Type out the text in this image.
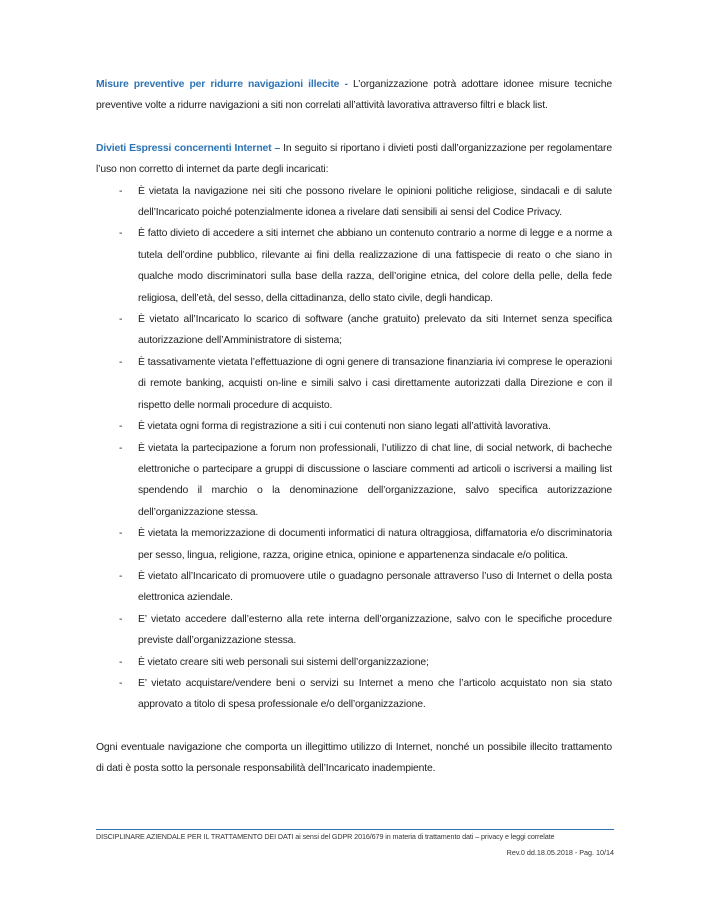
Misure preventive per ridurre navigazioni illecite - L’organizzazione potrà adottare idonee misure tecniche preventive volte a ridurre navigazioni a siti non correlati all’attività lavorativa attraverso filtri e black list.

Divieti Espressi concernenti Internet – In seguito si riportano i divieti posti dall’organizzazione per regolamentare l’uso non corretto di internet da parte degli incaricati:

- È vietata la navigazione nei siti che possono rivelare le opinioni politiche religiose, sindacali e di salute dell’Incaricato poiché potenzialmente idonea a rivelare dati sensibili ai sensi del Codice Privacy.
- È fatto divieto di accedere a siti internet che abbiano un contenuto contrario a norme di legge e a norme a tutela dell’ordine pubblico, rilevante ai fini della realizzazione di una fattispecie di reato o che siano in qualche modo discriminatori sulla base della razza, dell’origine etnica, del colore della pelle, della fede religiosa, dell’età, del sesso, della cittadinanza, dello stato civile, degli handicap.
- È vietato all’Incaricato lo scarico di software (anche gratuito) prelevato da siti Internet senza specifica autorizzazione dell’Amministratore di sistema;
- È tassativamente vietata l’effettuazione di ogni genere di transazione finanziaria ivi comprese le operazioni di remote banking, acquisti on-line e simili salvo i casi direttamente autorizzati dalla Direzione e con il rispetto delle normali procedure di acquisto.
- È vietata ogni forma di registrazione a siti i cui contenuti non siano legati all’attività lavorativa.
- È vietata la partecipazione a forum non professionali, l’utilizzo di chat line, di social network, di bacheche elettroniche o partecipare a gruppi di discussione o lasciare commenti ad articoli o iscriversi a mailing list spendendo il marchio o la denominazione dell’organizzazione, salvo specifica autorizzazione dell’organizzazione stessa.
- È vietata la memorizzazione di documenti informatici di natura oltraggiosa, diffamatoria e/o discriminatoria per sesso, lingua, religione, razza, origine etnica, opinione e appartenenza sindacale e/o politica.
- È vietato all’Incaricato di promuovere utile o guadagno personale attraverso l’uso di Internet o della posta elettronica aziendale.
- E’ vietato accedere dall’esterno alla rete interna dell’organizzazione, salvo con le specifiche procedure previste dall’organizzazione stessa.
- È vietato creare siti web personali sui sistemi dell’organizzazione;
- E’ vietato acquistare/vendere beni o servizi su Internet a meno che l’articolo acquistato non sia stato approvato a titolo di spesa professionale e/o dell’organizzazione.

Ogni eventuale navigazione che comporta un illegittimo utilizzo di Internet, nonché un possibile illecito trattamento di dati è posta sotto la personale responsabilità dell’Incaricato inadempiente.

DISCIPLINARE AZIENDALE PER IL TRATTAMENTO DEI DATI ai sensi del GDPR 2016/679 in materia di trattamento dati – privacy e leggi correlate
Rev.0 dd.18.05.2018 - Pag. 10/14
